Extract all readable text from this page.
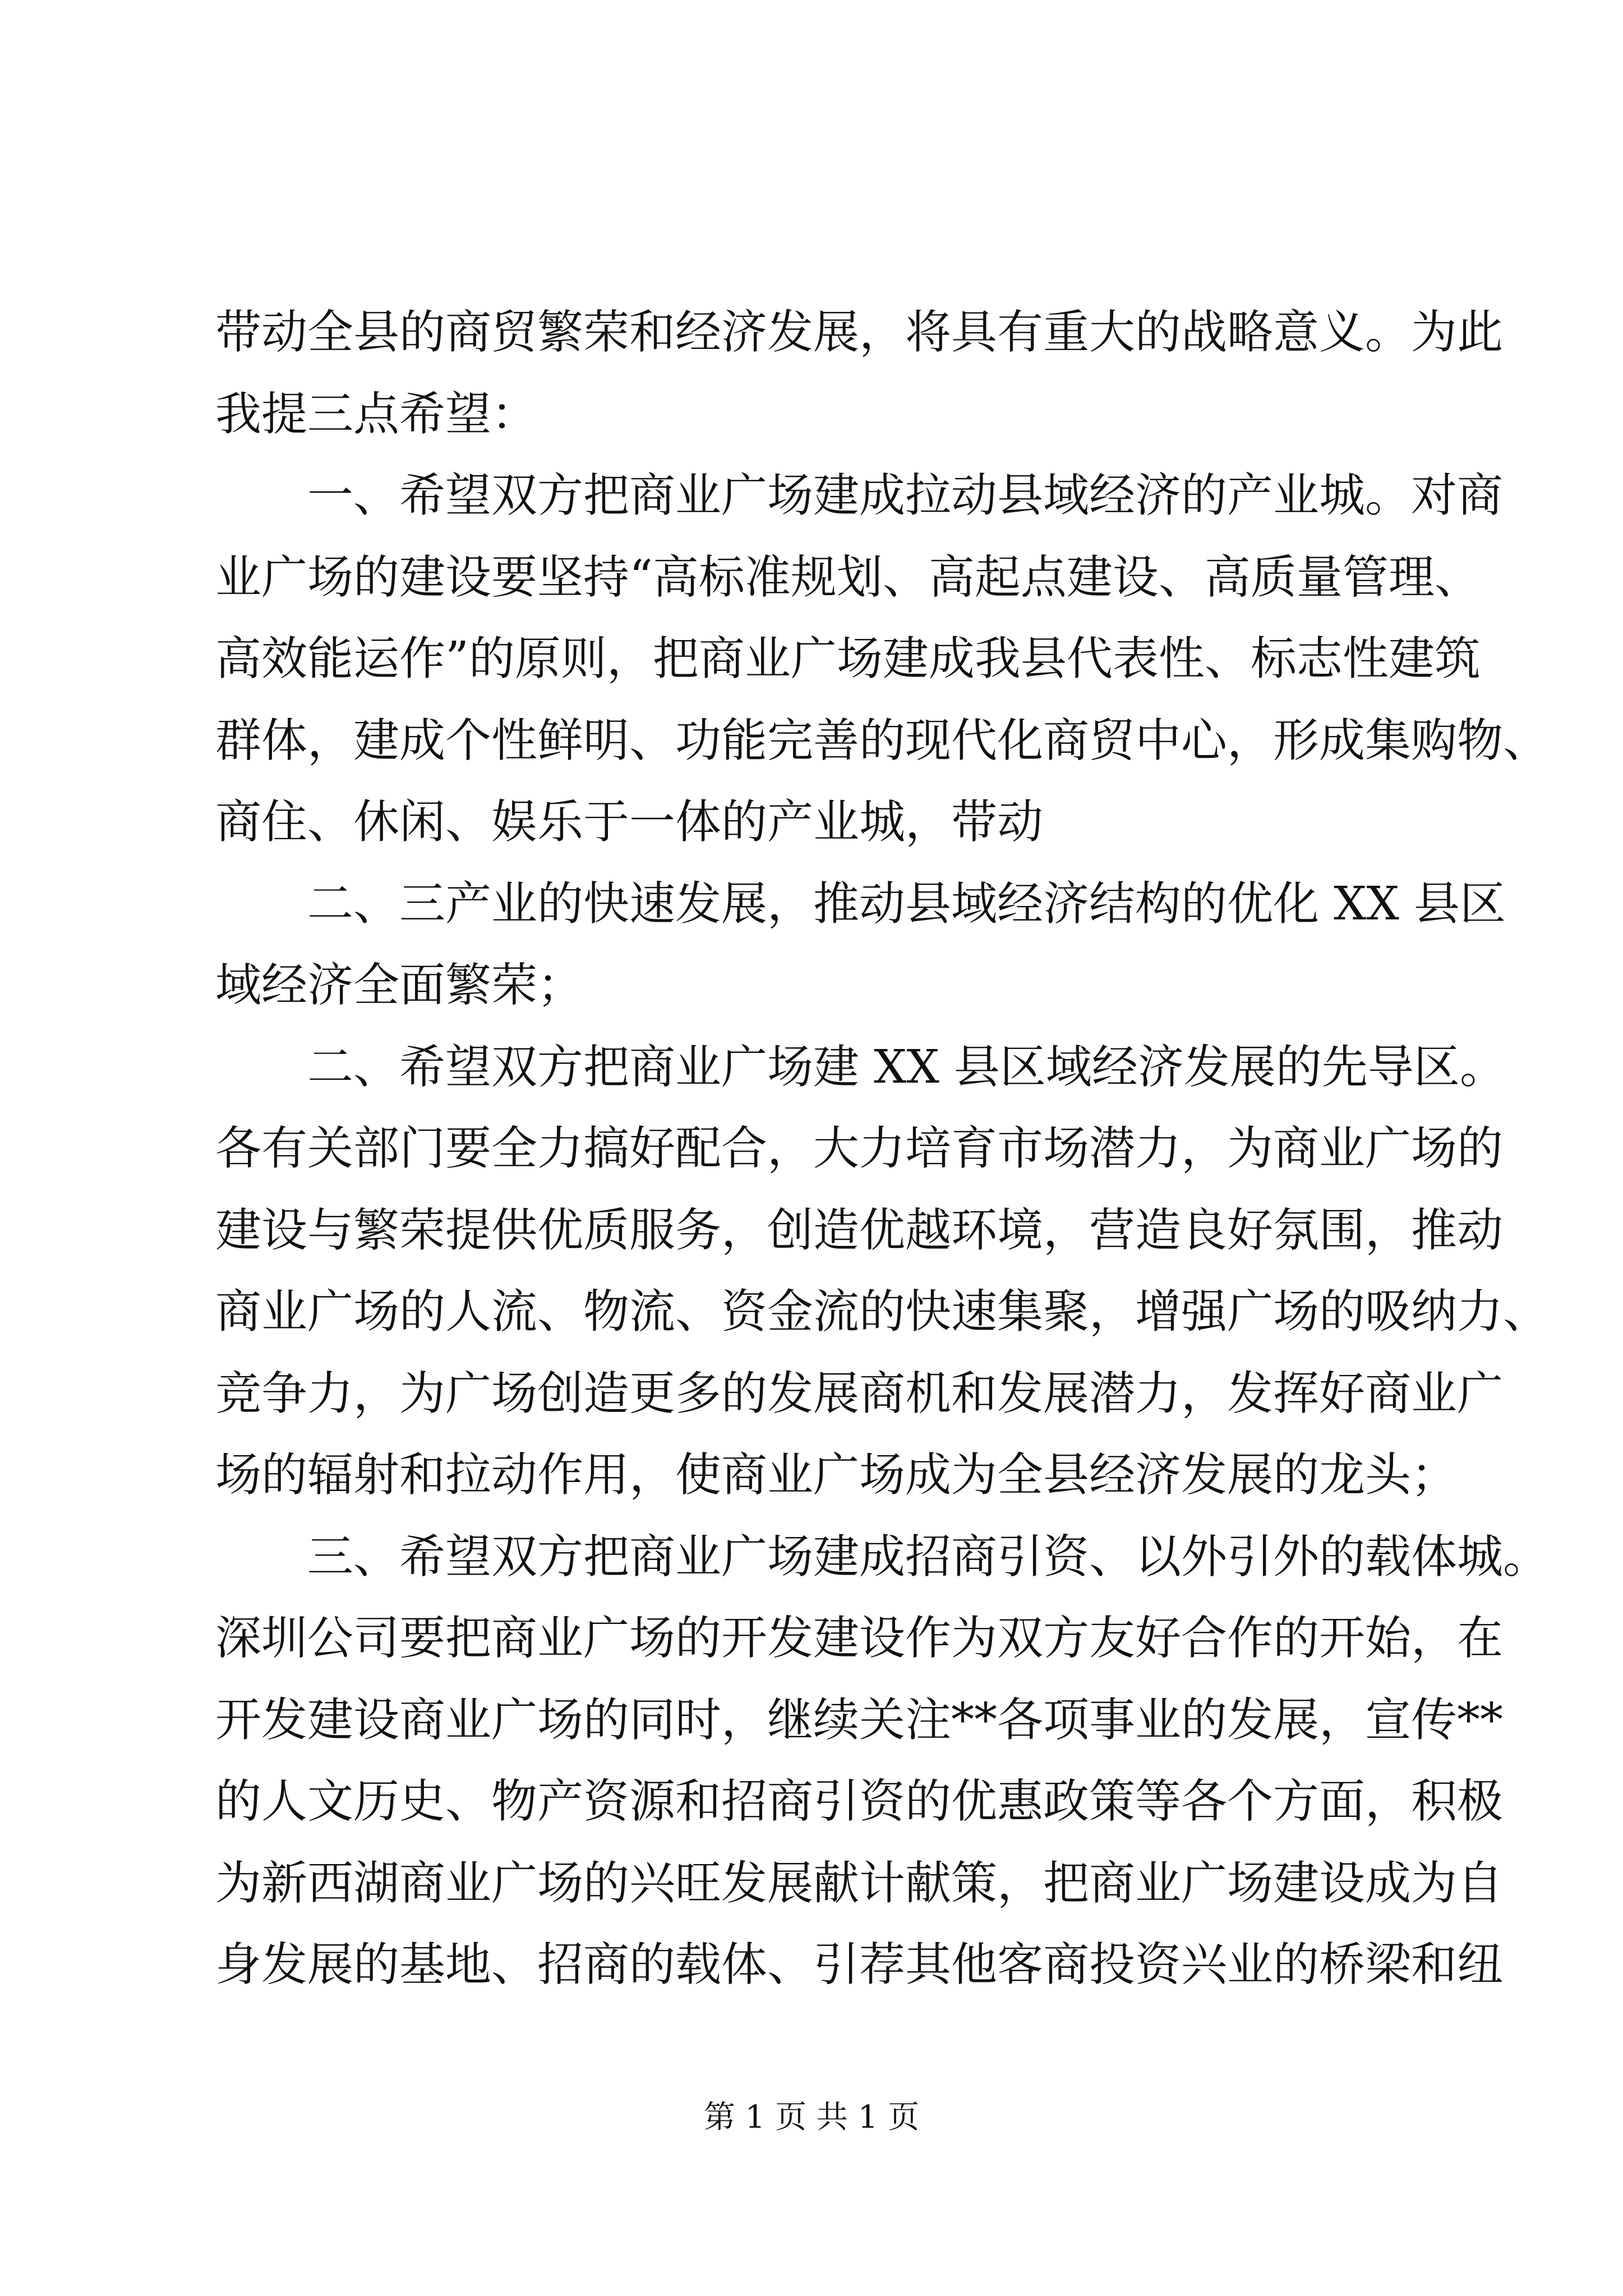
带动全县的商贸繁荣和经济发展，将具有重大的战略意义。为此
我提三点希望：
　　一、希望双方把商业广场建成拉动县域经济的产业城。对商
业广场的建设要坚持“高标准规划、高起点建设、高质量管理、
高效能运作”的原则，把商业广场建成我县代表性、标志性建筑
群体，建成个性鲜明、功能完善的现代化商贸中心，形成集购物、
商住、休闲、娱乐于一体的产业城，带动
　　二、三产业的快速发展，推动县域经济结构的优化 XX 县区
域经济全面繁荣；
　　二、希望双方把商业广场建 XX 县区域经济发展的先导区。
各有关部门要全力搞好配合，大力培育市场潜力，为商业广场的
建设与繁荣提供优质服务，创造优越环境，营造良好氛围，推动
商业广场的人流、物流、资金流的快速集聚，增强广场的吸纳力、
竞争力，为广场创造更多的发展商机和发展潜力，发挥好商业广
场的辐射和拉动作用，使商业广场成为全县经济发展的龙头；
　　三、希望双方把商业广场建成招商引资、以外引外的载体城。
深圳公司要把商业广场的开发建设作为双方友好合作的开始，在
开发建设商业广场的同时，继续关注**各项事业的发展，宣传**
的人文历史、物产资源和招商引资的优惠政策等各个方面，积极
为新西湖商业广场的兴旺发展献计献策，把商业广场建设成为自
身发展的基地、招商的载体、引荐其他客商投资兴业的桥梁和纽
第 1 页 共 1 页
